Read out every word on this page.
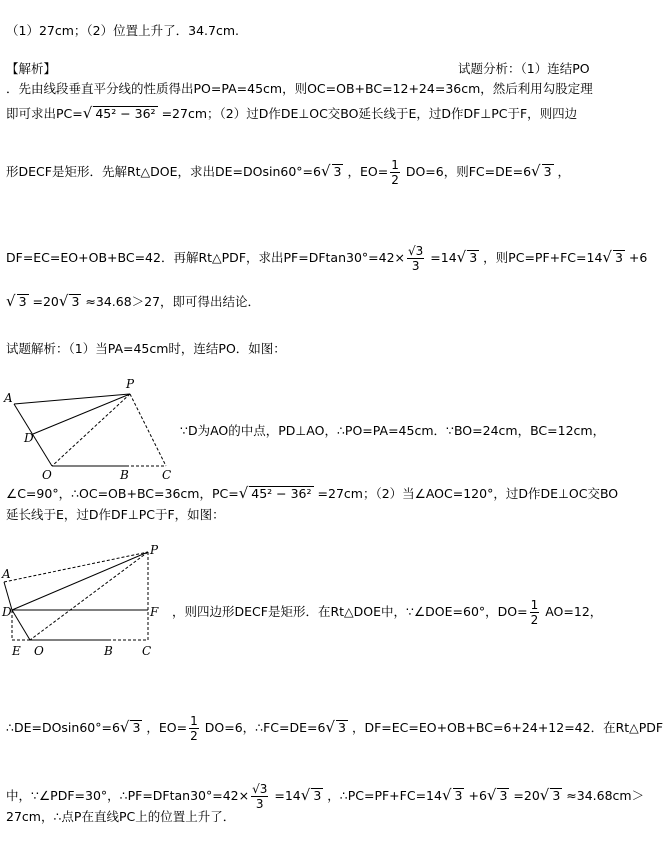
（1）27cm；（2）位置上升了．34.7cm.
【解析】	试题分析：（1）连结PO
．先由线段垂直平分线的性质得出PO=PA=45cm，则OC=OB+BC=12+24=36cm，然后利用勾股定理
即可求出PC=√ 45² − 36² =27cm；（2）过D作DE⊥OC交BO延长线于E，过D作DF⊥PC于F，则四边
形DECF是矩形．先解Rt△DOE，求出DE=DOsin60°=6√ 3 ，$EO= \frac{1}{2} DO=6$，则FC=DE=6√ 3 ，
DF=EC=EO+OB+BC=42．再解Rt△PDF，求出$PF=DFtan30^\circ=42\times \frac{√3}{3} =14√$ 3 ，则PC=PF+FC=14√ 3 +6
√ 3 =20√ 3 ≈34.68＞27，即可得出结论．
试题解析：（1）当PA=45cm时，连结PO．如图：
A
P
D
O	B	C
∵D为AO的中点，PD⊥AO，∴PO=PA=45cm．∵BO=24cm，BC=12cm，
∠C=90°，∴OC=OB+BC=36cm，PC=√ 45² − 36² =27cm；（2）当∠AOC=120°，过D作DE⊥OC交BO
延长线于E，过D作DF⊥PC于F，如图：
A
P
D	F
E O	B C
，则四边形DECF是矩形．在Rt△DOE中，∵∠DOE=60°，$DO= \frac{1}{2} AO=12$，
∴DE=DOsin60°=6√ 3 ，$EO= \frac{1}{2} DO=6$，∴FC=DE=6√ 3 ，DF=EC=EO+OB+BC=6+24+12=42．在Rt△PDF
中，∵∠PDF=30°，∴PF=DFtan30°=42× $\frac{√3}{3} =14√$ 3 ，∴PC=PF+FC=14√ 3 +6√ 3 =20√ 3 ≈34.68cm＞
27cm，∴点P在直线PC上的位置上升了．
